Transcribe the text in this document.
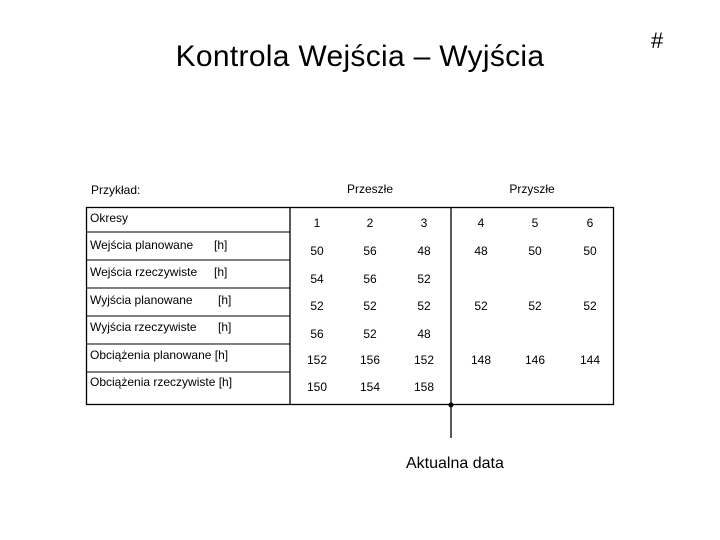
Kontrola Wejścia – Wyjścia	#
Przykład:	Przeszłe	Przyszłe
Okresy	1	2	3	4	5	6
Wejścia planowane [h]	50	56	48	48	50	50
Wejścia rzeczywiste [h]	54	56	52
Wyjścia planowane [h]	52	52	52	52	52	52
Wyjścia rzeczywiste [h]	56	52	48
Obciążenia planowane [h]	152	156	152	148	146	144
Obciążenia rzeczywiste [h]	150	154	158
Aktualna data
